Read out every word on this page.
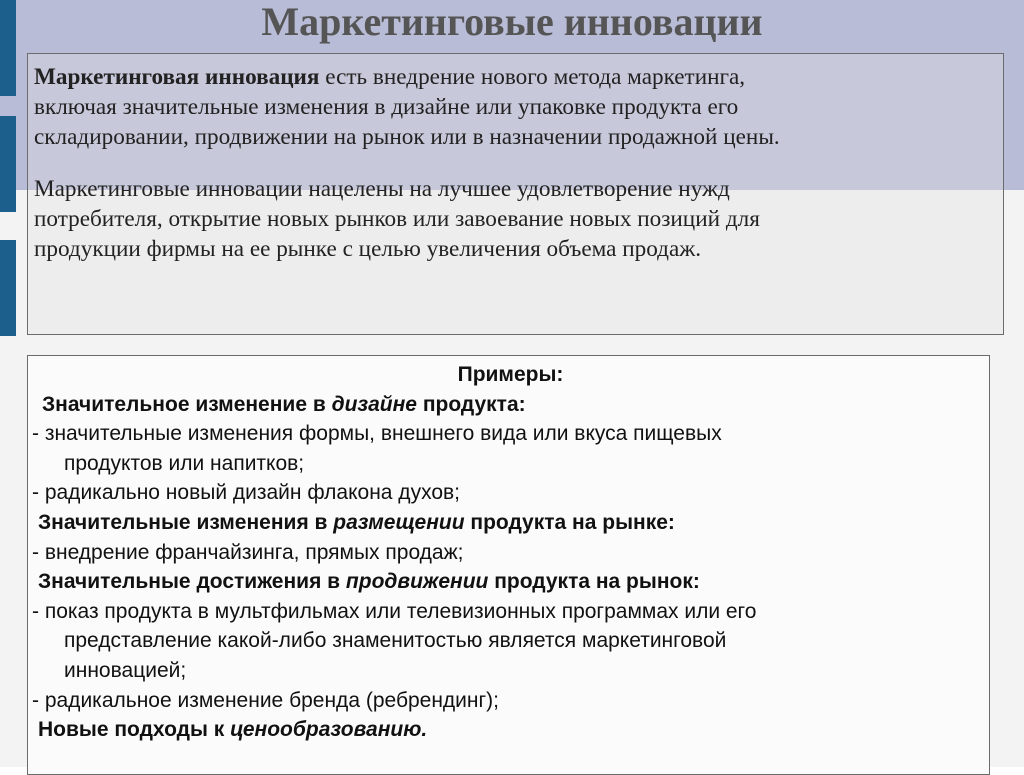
Маркетинговые инновации

Маркетинговая инновация есть внедрение нового метода маркетинга,
включая значительные изменения в дизайне или упаковке продукта его
складировании, продвижении на рынок или в назначении продажной цены.

Маркетинговые инновации нацелены на лучшее удовлетворение нужд
потребителя, открытие новых рынков или завоевание новых позиций для
продукции фирмы на ее рынке с целью увеличения объема продаж.

Примеры:

Значительное изменение в дизайне продукта:

- значительные изменения формы, внешнего вида или вкуса пищевых

продуктов или напитков;

- радикально новый дизайн флакона духов;

Значительные изменения в размещении продукта на рынке:

- внедрение франчайзинга, прямых продаж;

Значительные достижения в продвижении продукта на рынок:

- показ продукта в мультфильмах или телевизионных программах или его

представление какой-либо знаменитостью является маркетинговой

инновацией;

- радикальное изменение бренда (ребрендинг);

Новые подходы к ценообразованию.
